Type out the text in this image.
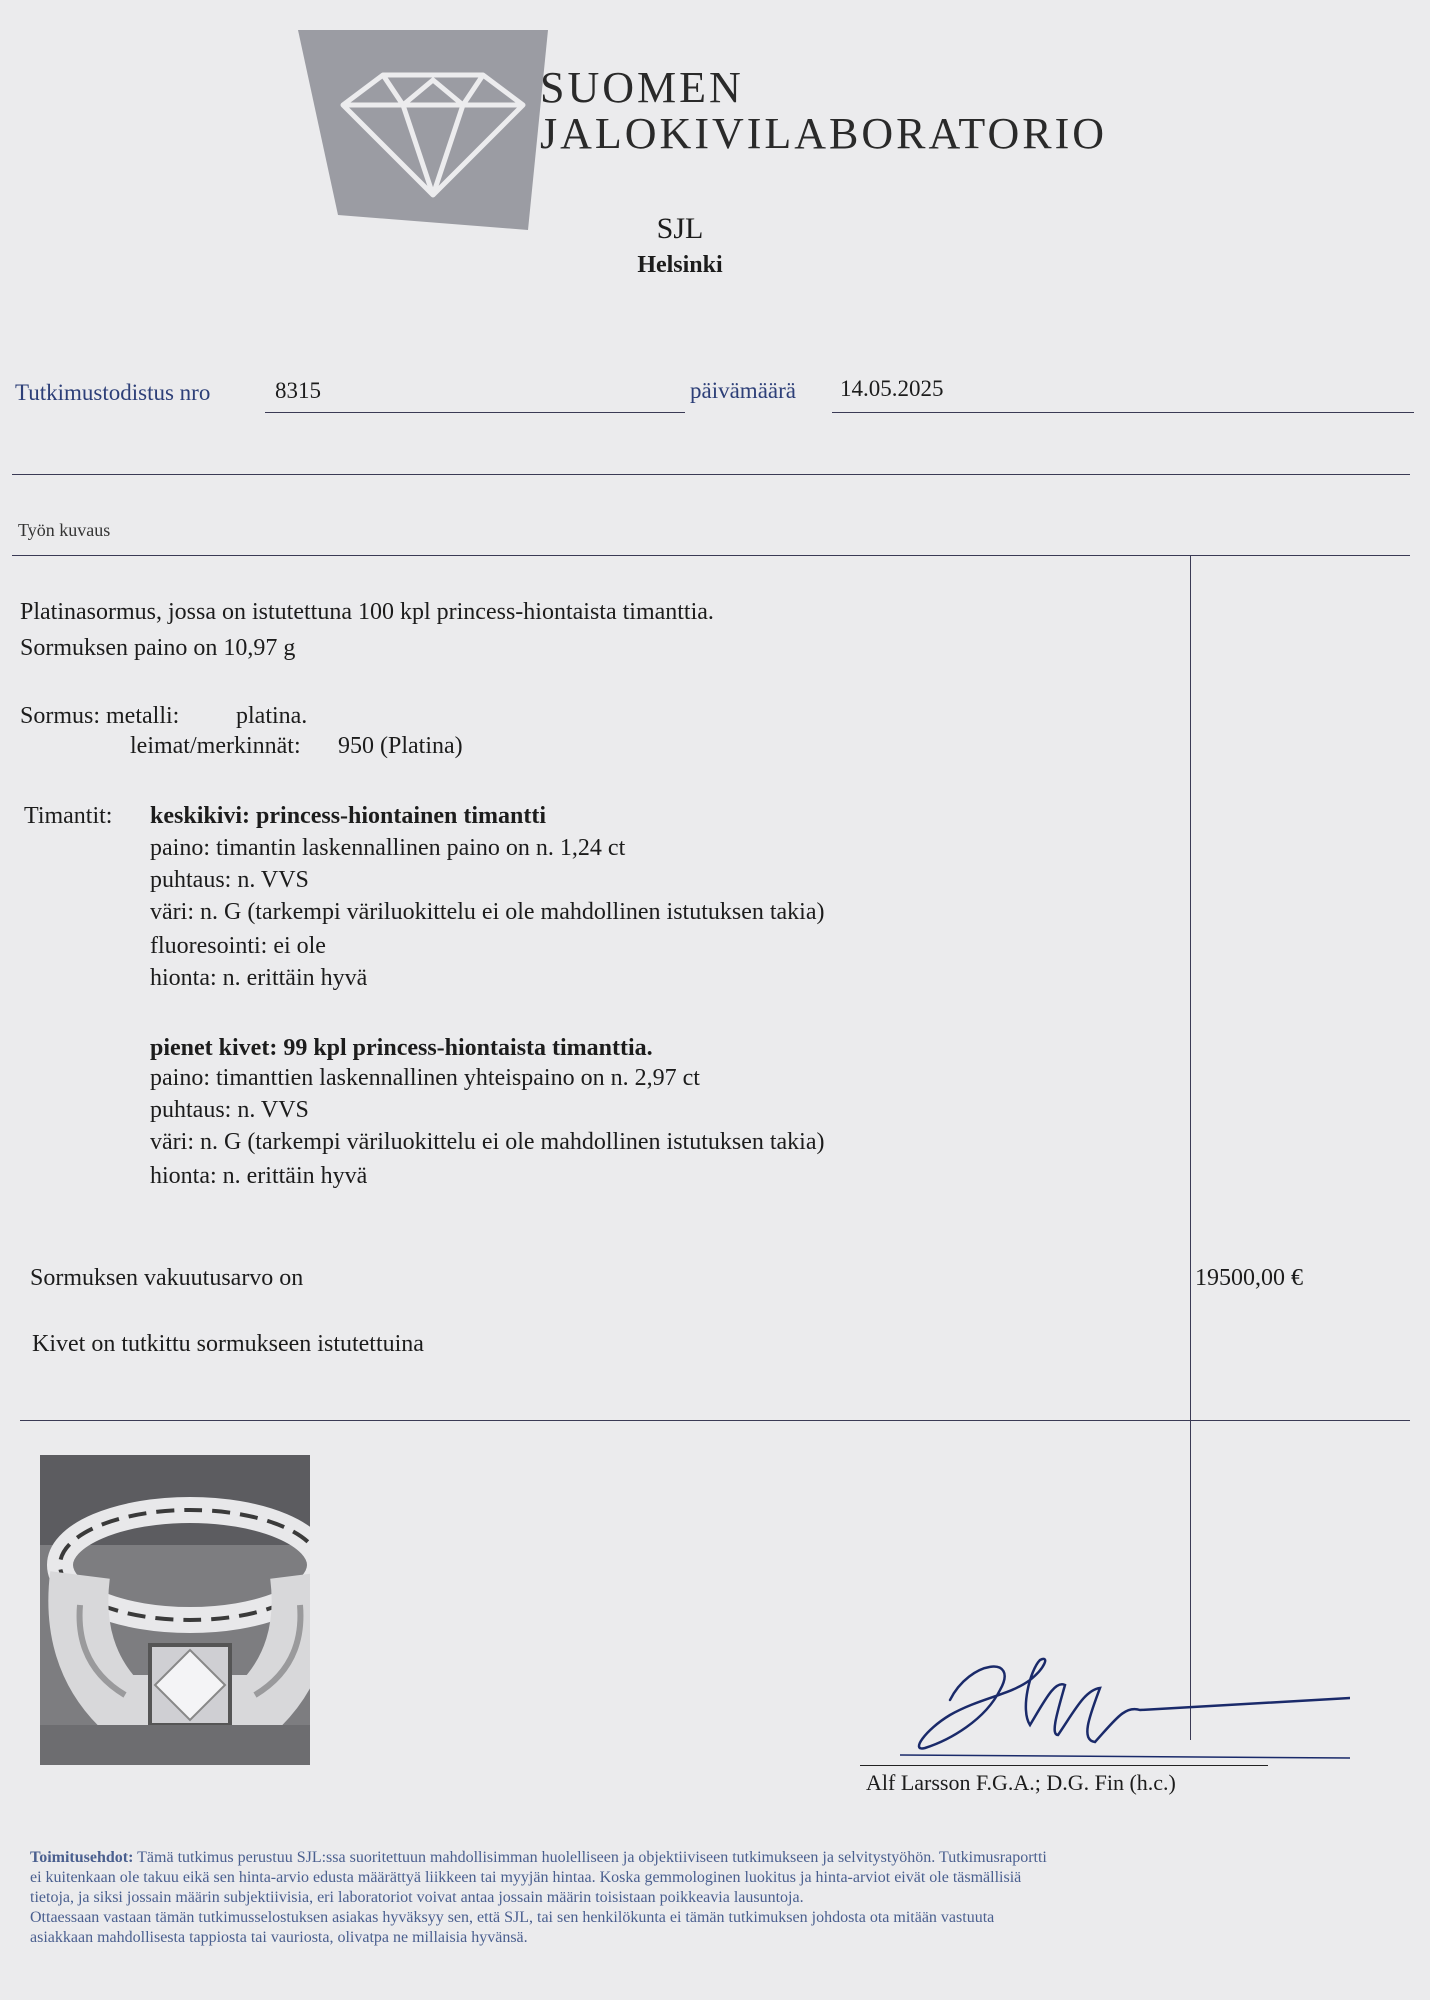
SUOMEN
JALOKIVILABORATORIO
SJL
Helsinki
Tutkimustodistus nro	8315	päivämäärä 14.05.2025
Työn kuvaus
Platinasormus, jossa on istutettuna 100 kpl princess-hiontaista timanttia.
Sormuksen paino on 10,97 g
Sormus: metalli: platina.
leimat/merkinnät: 950 (Platina)
Timantit: keskikivi: princess-hiontainen timantti
paino: timantin laskennallinen paino on n. 1,24 ct
puhtaus: n. VVS
väri: n. G (tarkempi väriluokittelu ei ole mahdollinen istutuksen takia)
fluoresointi: ei ole
hionta: n. erittäin hyvä
pienet kivet: 99 kpl princess-hiontaista timanttia.
paino: timanttien laskennallinen yhteispaino on n. 2,97 ct
puhtaus: n. VVS
väri: n. G (tarkempi väriluokittelu ei ole mahdollinen istutuksen takia)
hionta: n. erittäin hyvä
Sormuksen vakuutusarvo on	19500,00 €
Kivet on tutkittu sormukseen istutettuina
Alf Larsson F.G.A.; D.G. Fin (h.c.)
Toimitusehdot: Tämä tutkimus perustuu SJL:ssa suoritettuun mahdollisimman huolelliseen ja objektiiviseen tutkimukseen ja selvitystyöhön. Tutkimusraportti
ei kuitenkaan ole takuu eikä sen hinta-arvio edusta määrättyä liikkeen tai myyjän hintaa. Koska gemmologinen luokitus ja hinta-arviot eivät ole täsmällisiä
tietoja, ja siksi jossain määrin subjektiivisia, eri laboratoriot voivat antaa jossain määrin toisistaan poikkeavia lausuntoja.
Ottaessaan vastaan tämän tutkimusselostuksen asiakas hyväksyy sen, että SJL, tai sen henkilökunta ei tämän tutkimuksen johdosta ota mitään vastuuta
asiakkaan mahdollisesta tappiosta tai vauriosta, olivatpa ne millaisia hyvänsä.
